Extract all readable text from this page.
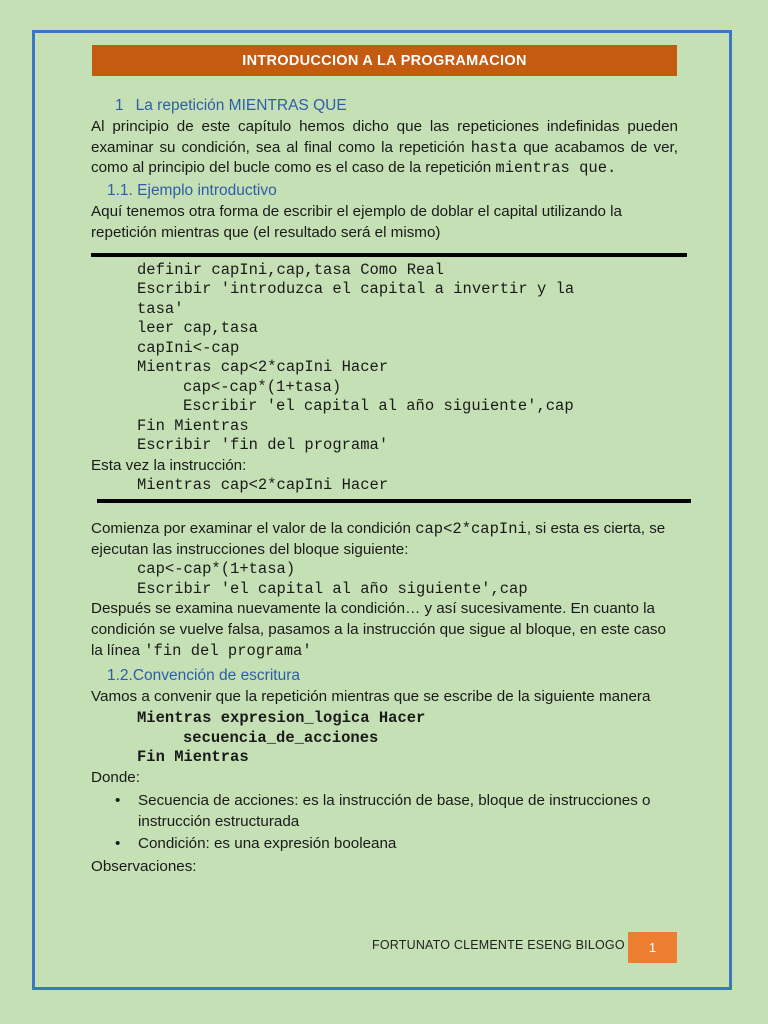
INTRODUCCION A LA PROGRAMACION
1 La repetición MIENTRAS QUE

Al principio de este capítulo hemos dicho que las repeticiones indefinidas pueden examinar su condición, sea al final como la repetición hasta que acabamos de ver, como al principio del bucle como es el caso de la repetición mientras que.

1.1. Ejemplo introductivo

Aquí tenemos otra forma de escribir el ejemplo de doblar el capital utilizando la repetición mientras que (el resultado será el mismo)

definir capIni,cap,tasa Como Real
Escribir 'introduzca el capital a invertir y la
tasa'
leer cap,tasa
capIni<-cap
Mientras cap<2*capIni Hacer
cap<-cap*(1+tasa)
Escribir 'el capital al año siguiente',cap
Fin Mientras
Escribir 'fin del programa'

Esta vez la instrucción:

Mientras cap<2*capIni Hacer

Comienza por examinar el valor de la condición cap<2*capIni, si esta es cierta, se ejecutan las instrucciones del bloque siguiente:

cap<-cap*(1+tasa)
Escribir 'el capital al año siguiente',cap

Después se examina nuevamente la condición… y así sucesivamente. En cuanto la condición se vuelve falsa, pasamos a la instrucción que sigue al bloque, en este caso la línea 'fin del programa'

1.2.Convención de escritura

Vamos a convenir que la repetición mientras que se escribe de la siguiente manera

Mientras expresion_logica Hacer
secuencia_de_acciones
Fin Mientras

Donde:

• Secuencia de acciones: es la instrucción de base, bloque de instrucciones o instrucción estructurada
• Condición: es una expresión booleana

Observaciones:

FORTUNATO CLEMENTE ESENG BILOGO 1
